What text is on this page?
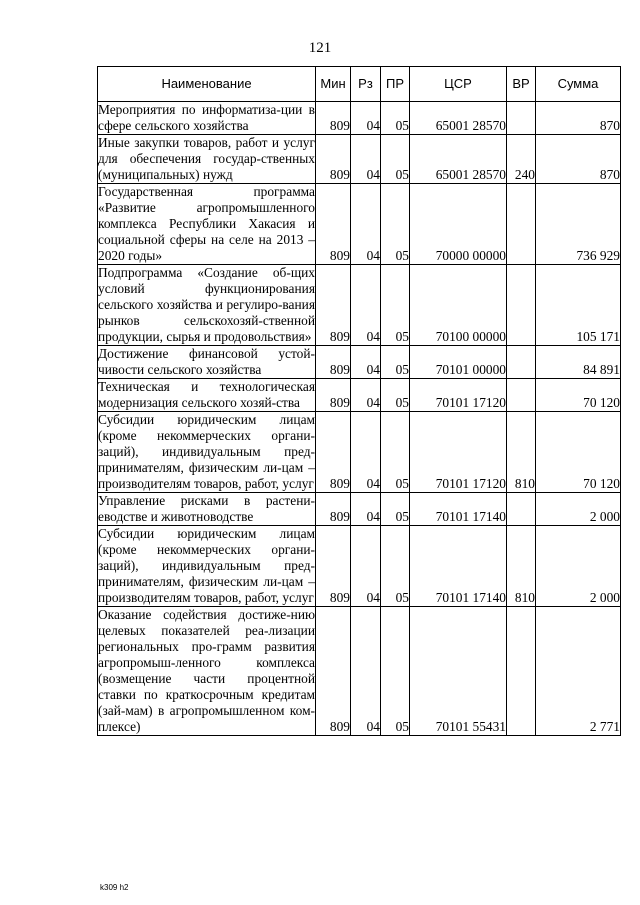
121
Наименование	Мин	Рз	ПР	ЦСР	ВР	Сумма
Мероприятия по информатиза-ции в сфере сельского хозяйства	809	04	05	65001 28570		870
Иные закупки товаров, работ и услуг для обеспечения государ-ственных (муниципальных) нужд	809	04	05	65001 28570	240	870
Государственная программа «Развитие агропромышленного комплекса Республики Хакасия и социальной сферы на селе на 2013 – 2020 годы»	809	04	05	70000 00000		736 929
Подпрограмма «Создание об-щих условий функционирования сельского хозяйства и регулиро-вания рынков сельскохозяй-ственной продукции, сырья и продовольствия»	809	04	05	70100 00000		105 171
Достижение финансовой устой-чивости сельского хозяйства	809	04	05	70101 00000		84 891
Техническая и технологическая модернизация сельского хозяй-ства	809	04	05	70101 17120		70 120
Субсидии юридическим лицам (кроме некоммерческих органи-заций), индивидуальным пред-принимателям, физическим ли-цам – производителям товаров, работ, услуг	809	04	05	70101 17120	810	70 120
Управление рисками в растени-еводстве и животноводстве	809	04	05	70101 17140		2 000
Субсидии юридическим лицам (кроме некоммерческих органи-заций), индивидуальным пред-принимателям, физическим ли-цам – производителям товаров, работ, услуг	809	04	05	70101 17140	810	2 000
Оказание содействия достиже-нию целевых показателей реа-лизации региональных про-грамм развития агропромыш-ленного комплекса (возмещение части процентной ставки по краткосрочным кредитам (зай-мам) в агропромышленном ком-плексе)	809	04	05	70101 55431		2 771
k309 h2
